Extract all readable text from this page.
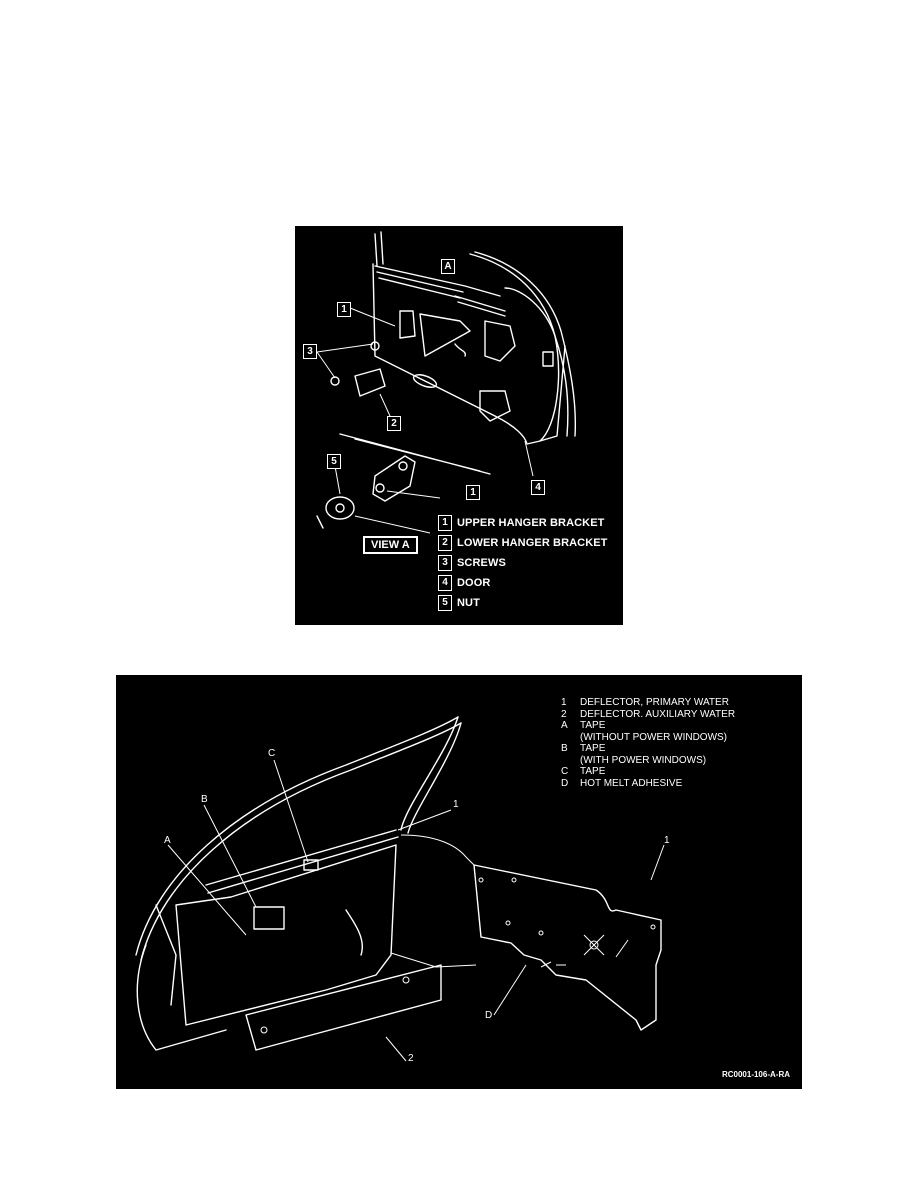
A
1
3
2
5
1	4
VIEW A
1 UPPER HANGER BRACKET
2 LOWER HANGER BRACKET
3 SCREWS
4 DOOR
5 NUT
A
B
C
1
1
D
2
1	DEFLECTOR, PRIMARY WATER
2	DEFLECTOR. AUXILIARY WATER
A	TAPE
(WITHOUT POWER WINDOWS)
B	TAPE
(WITH POWER WINDOWS)
C	TAPE
D	HOT MELT ADHESIVE
RC0001-106-A-RA
